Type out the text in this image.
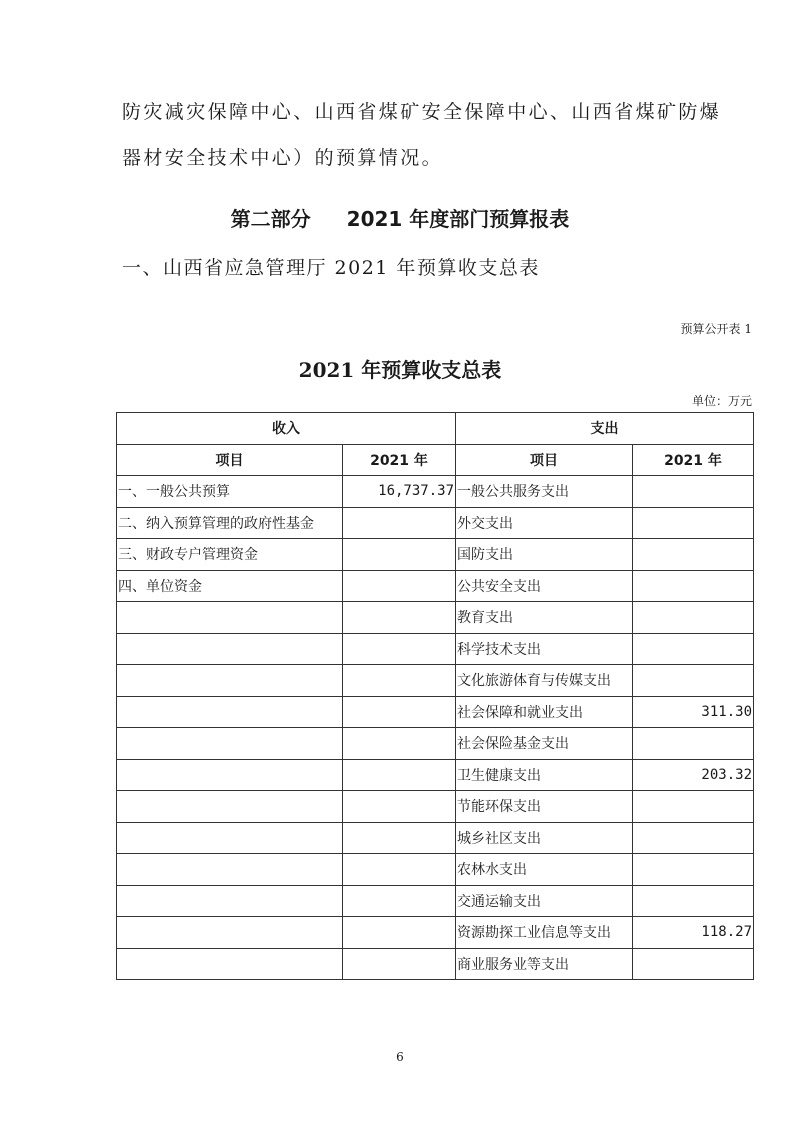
防灾减灾保障中心、山西省煤矿安全保障中心、山西省煤矿防爆
器材安全技术中心）的预算情况。
第二部分 2021 年度部门预算报表
一、山西省应急管理厅 2021 年预算收支总表
预算公开表 1
2021 年预算收支总表
单位：万元
收入		支出	
项目	2021 年	项目	2021 年
一、一般公共预算	16,737.37	一般公共服务支出	
二、纳入预算管理的政府性基金		外交支出	
三、财政专户管理资金		国防支出	
四、单位资金		公共安全支出	
		教育支出	
		科学技术支出	
		文化旅游体育与传媒支出	
		社会保障和就业支出	311.30
		社会保险基金支出	
		卫生健康支出	203.32
		节能环保支出	
		城乡社区支出	
		农林水支出	
		交通运输支出	
		资源勘探工业信息等支出	118.27
		商业服务业等支出	
6
